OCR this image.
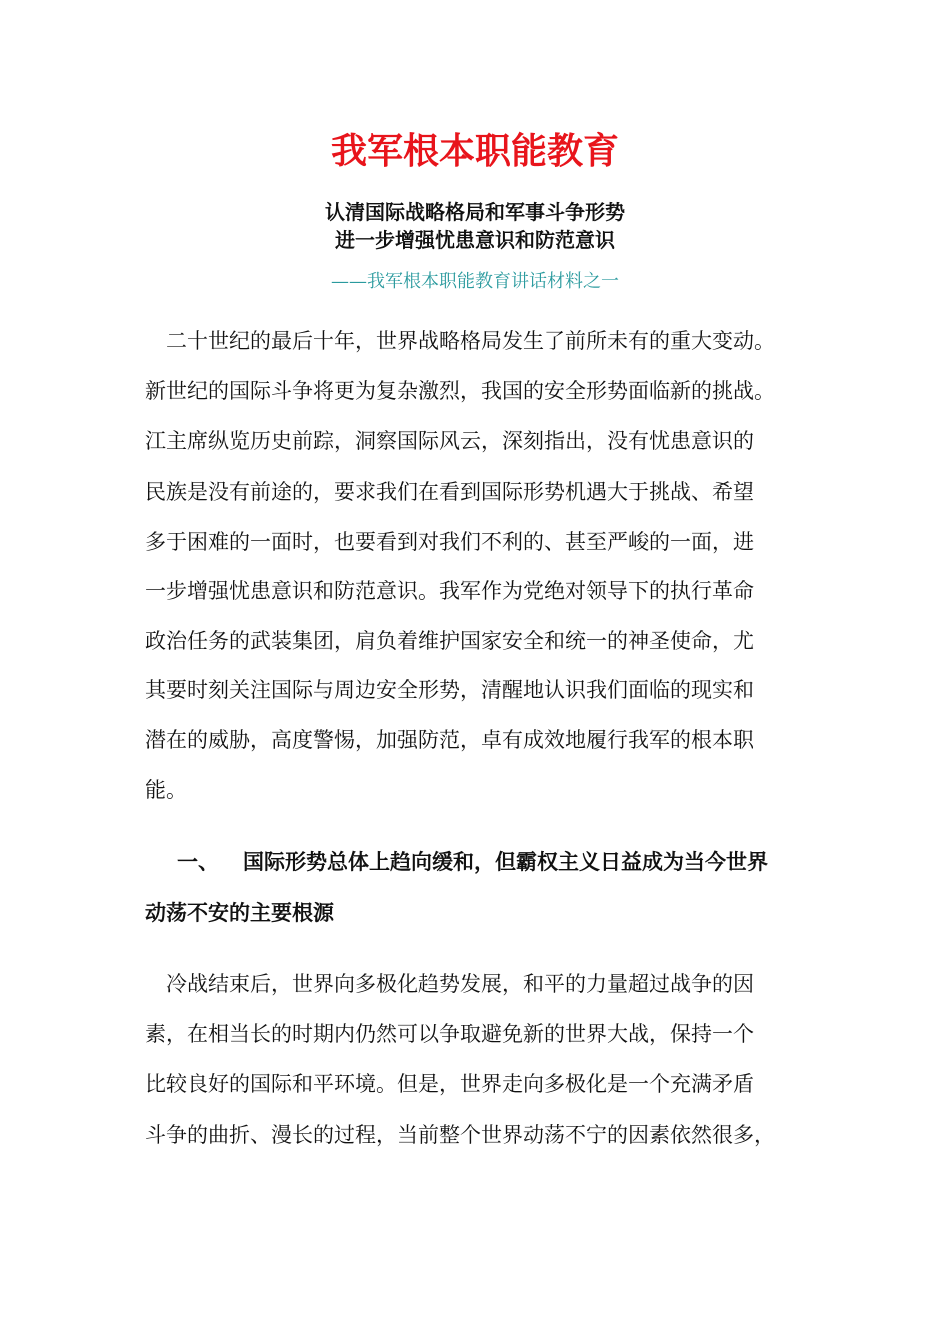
我军根本职能教育
认清国际战略格局和军事斗争形势
进一步增强忧患意识和防范意识
——我军根本职能教育讲话材料之一
　二十世纪的最后十年，世界战略格局发生了前所未有的重大变动。
新世纪的国际斗争将更为复杂激烈，我国的安全形势面临新的挑战。
江主席纵览历史前踪，洞察国际风云，深刻指出，没有忧患意识的
民族是没有前途的，要求我们在看到国际形势机遇大于挑战、希望
多于困难的一面时，也要看到对我们不利的、甚至严峻的一面，进
一步增强忧患意识和防范意识。我军作为党绝对领导下的执行革命
政治任务的武装集团，肩负着维护国家安全和统一的神圣使命，尤
其要时刻关注国际与周边安全形势，清醒地认识我们面临的现实和
潜在的威胁，高度警惕，加强防范，卓有成效地履行我军的根本职
能。
一、 国际形势总体上趋向缓和，但霸权主义日益成为当今世界
动荡不安的主要根源
　冷战结束后，世界向多极化趋势发展，和平的力量超过战争的因
素，在相当长的时期内仍然可以争取避免新的世界大战，保持一个
比较良好的国际和平环境。但是，世界走向多极化是一个充满矛盾
斗争的曲折、漫长的过程，当前整个世界动荡不宁的因素依然很多，
